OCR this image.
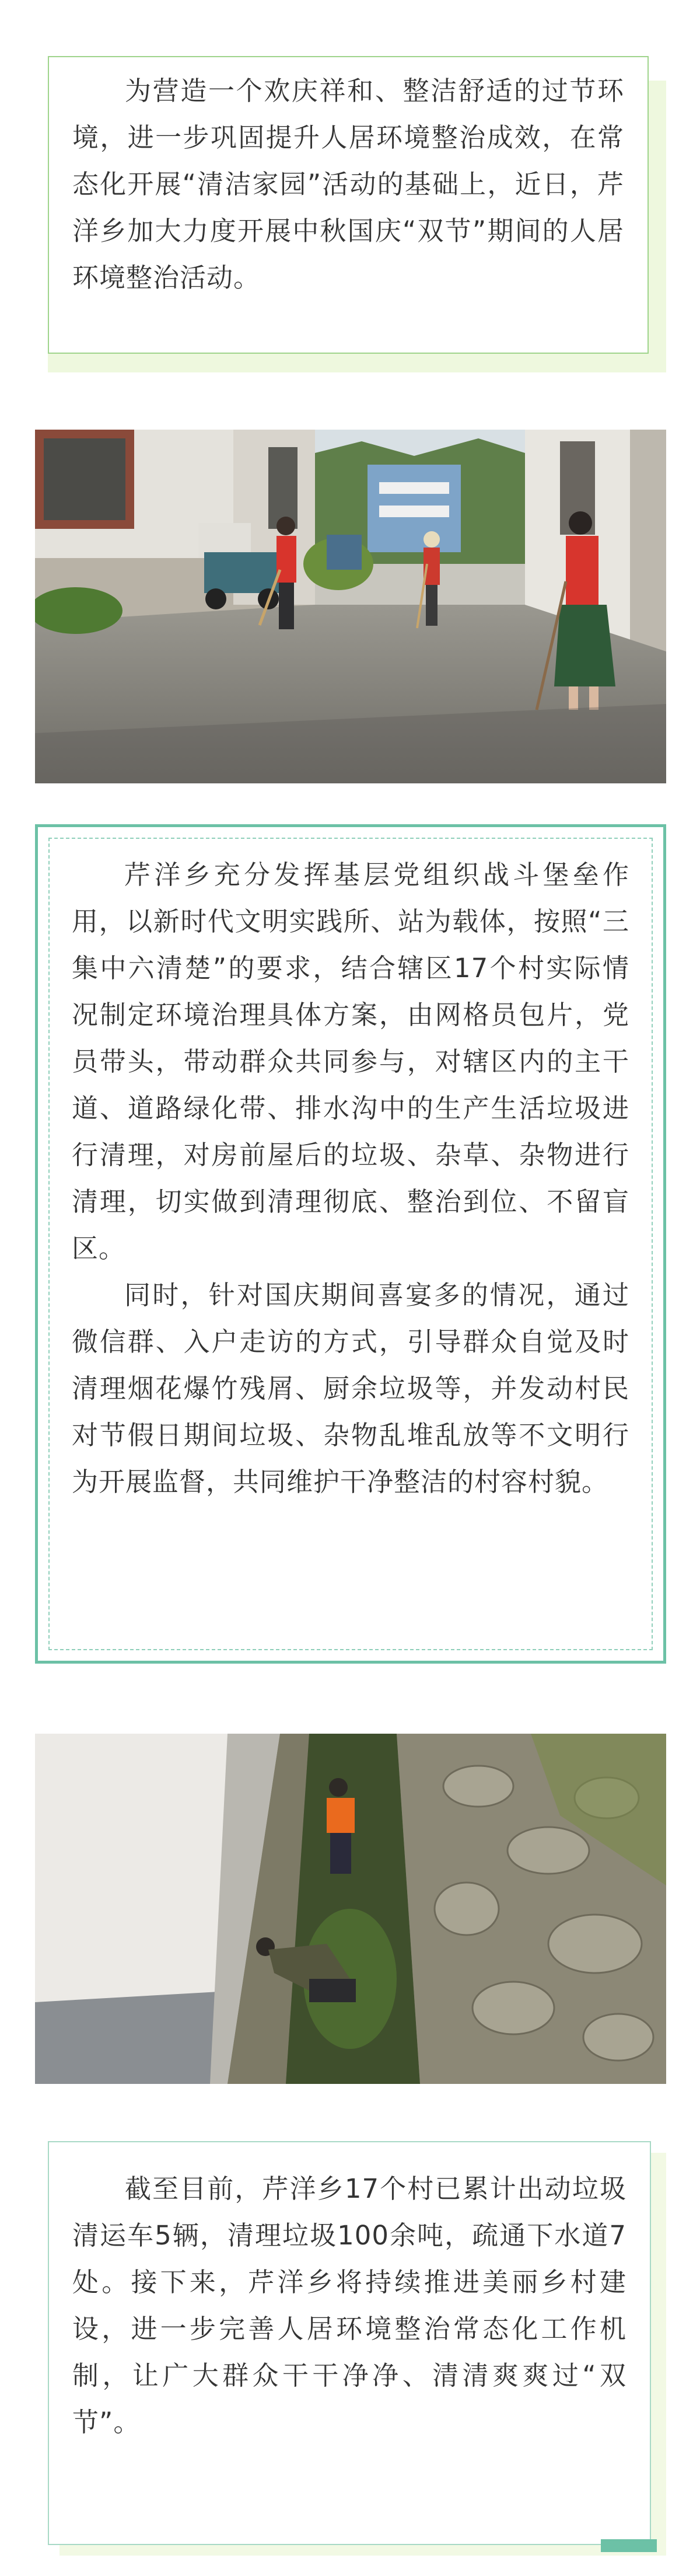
为营造一个欢庆祥和、整洁舒适的过节环境，进一步巩固提升人居环境整治成效，在常态化开展“清洁家园”活动的基础上，近日，芹洋乡加大力度开展中秋国庆“双节”期间的人居环境整治活动。

芹洋乡充分发挥基层党组织战斗堡垒作用，以新时代文明实践所、站为载体，按照“三集中六清楚”的要求，结合辖区17个村实际情况制定环境治理具体方案，由网格员包片，党员带头，带动群众共同参与，对辖区内的主干道、道路绿化带、排水沟中的生产生活垃圾进行清理，对房前屋后的垃圾、杂草、杂物进行清理，切实做到清理彻底、整治到位、不留盲区。

同时，针对国庆期间喜宴多的情况，通过微信群、入户走访的方式，引导群众自觉及时清理烟花爆竹残屑、厨余垃圾等，并发动村民对节假日期间垃圾、杂物乱堆乱放等不文明行为开展监督，共同维护干净整洁的村容村貌。

截至目前，芹洋乡17个村已累计出动垃圾清运车5辆，清理垃圾100余吨，疏通下水道7处。接下来，芹洋乡将持续推进美丽乡村建设，进一步完善人居环境整治常态化工作机制，让广大群众干干净净、清清爽爽过“双节”。
